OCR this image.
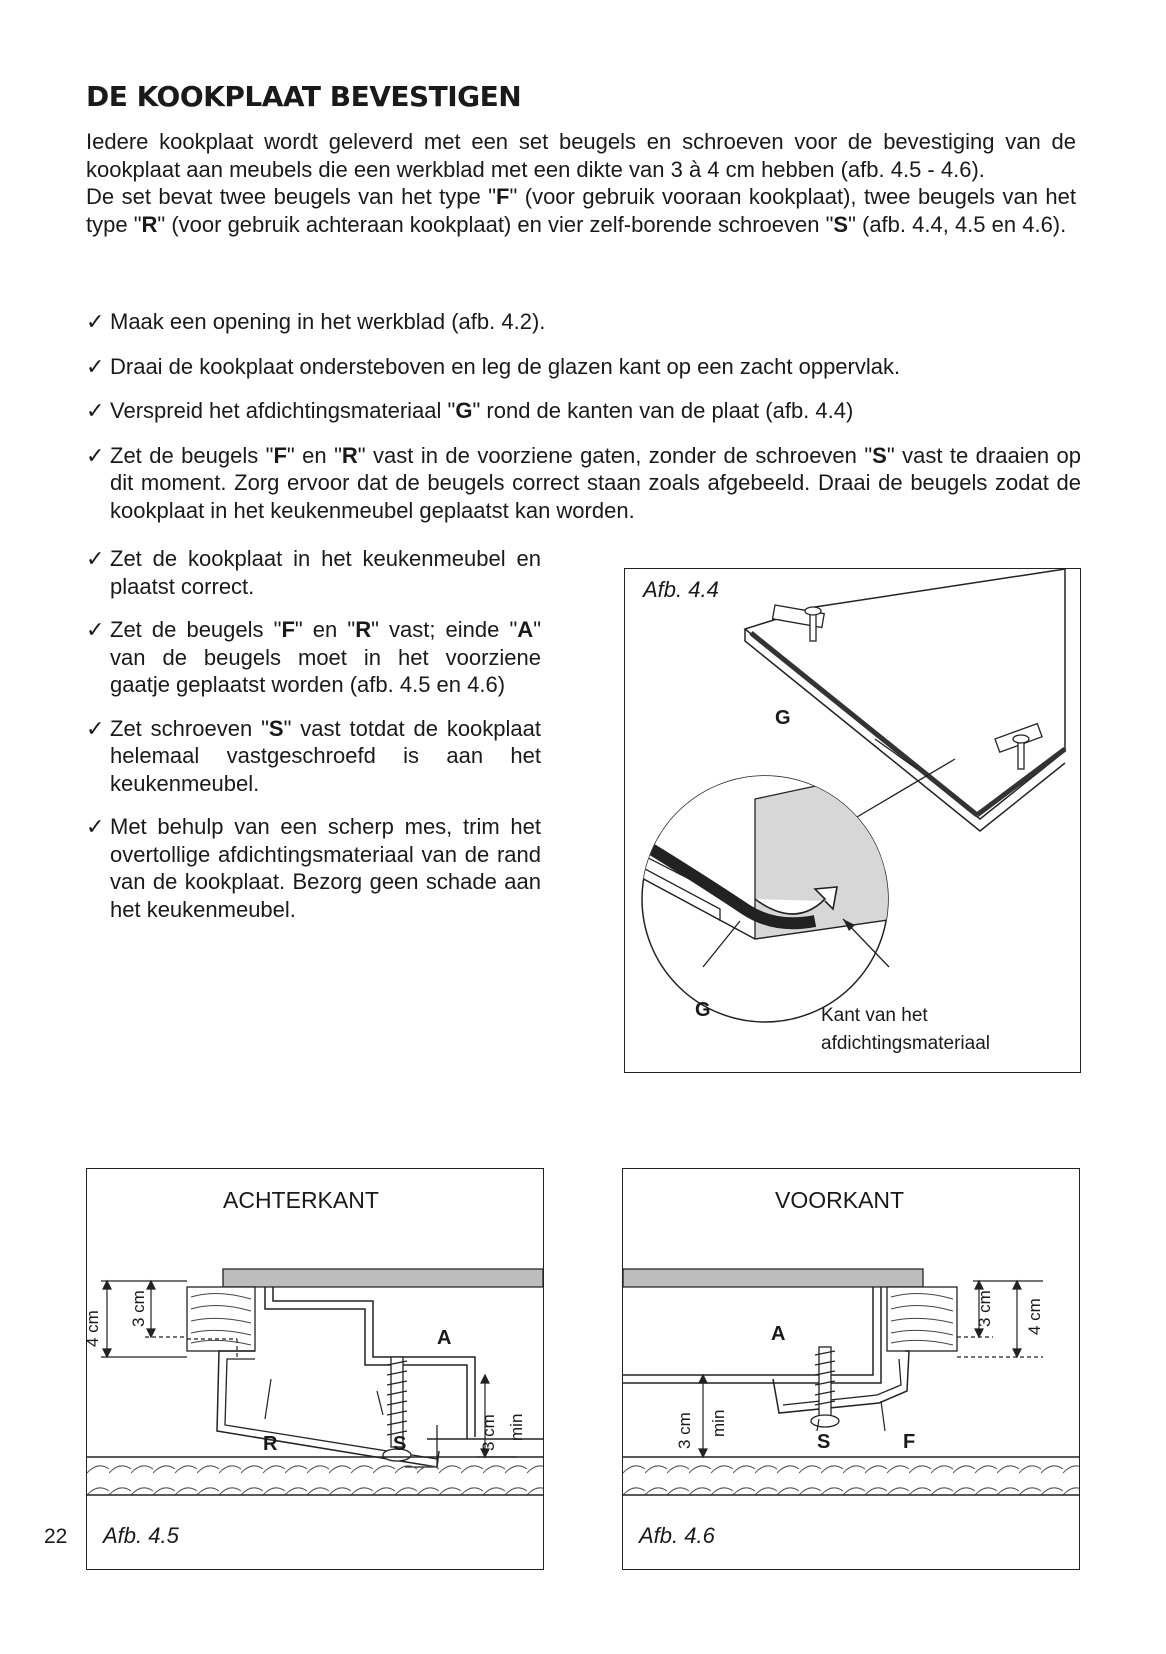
DE KOOKPLAAT BEVESTIGEN

Iedere kookplaat wordt geleverd met een set beugels en schroeven voor de bevestiging van de kookplaat aan meubels die een werkblad met een dikte van 3 à 4 cm hebben (afb. 4.5 - 4.6).

De set bevat twee beugels van het type "F" (voor gebruik vooraan kookplaat), twee beugels van het type "R" (voor gebruik achteraan kookplaat) en vier zelf-borende schroeven "S" (afb. 4.4, 4.5 en 4.6).

✓ Maak een opening in het werkblad (afb. 4.2).
✓ Draai de kookplaat ondersteboven en leg de glazen kant op een zacht oppervlak.
✓ Verspreid het afdichtingsmateriaal "G" rond de kanten van de plaat (afb. 4.4)
✓ Zet de beugels "F" en "R" vast in de voorziene gaten, zonder de schroeven "S" vast te draaien op dit moment. Zorg ervoor dat de beugels correct staan zoals afgebeeld. Draai de beugels zodat de kookplaat in het keukenmeubel geplaatst kan worden.
✓ Zet de kookplaat in het keukenmeubel en plaatst correct.
✓ Zet de beugels "F" en "R" vast; einde "A" van de beugels moet in het voorziene gaatje geplaatst worden (afb. 4.5 en 4.6)
✓ Zet schroeven "S" vast totdat de kookplaat helemaal vastgeschroefd is aan het keukenmeubel.
✓ Met behulp van een scherp mes, trim het overtollige afdichtingsmateriaal van de rand van de kookplaat. Bezorg geen schade aan het keukenmeubel.
Afb. 4.4
G
G	Kant van het
afdichtingsmateriaal
ACHTERKANT
4 cm
3 cm
A
R	S	3 cm min
Afb. 4.5
VOORKANT
3 cm 4 cm
A
S	F
3 cm min
Afb. 4.6
22
